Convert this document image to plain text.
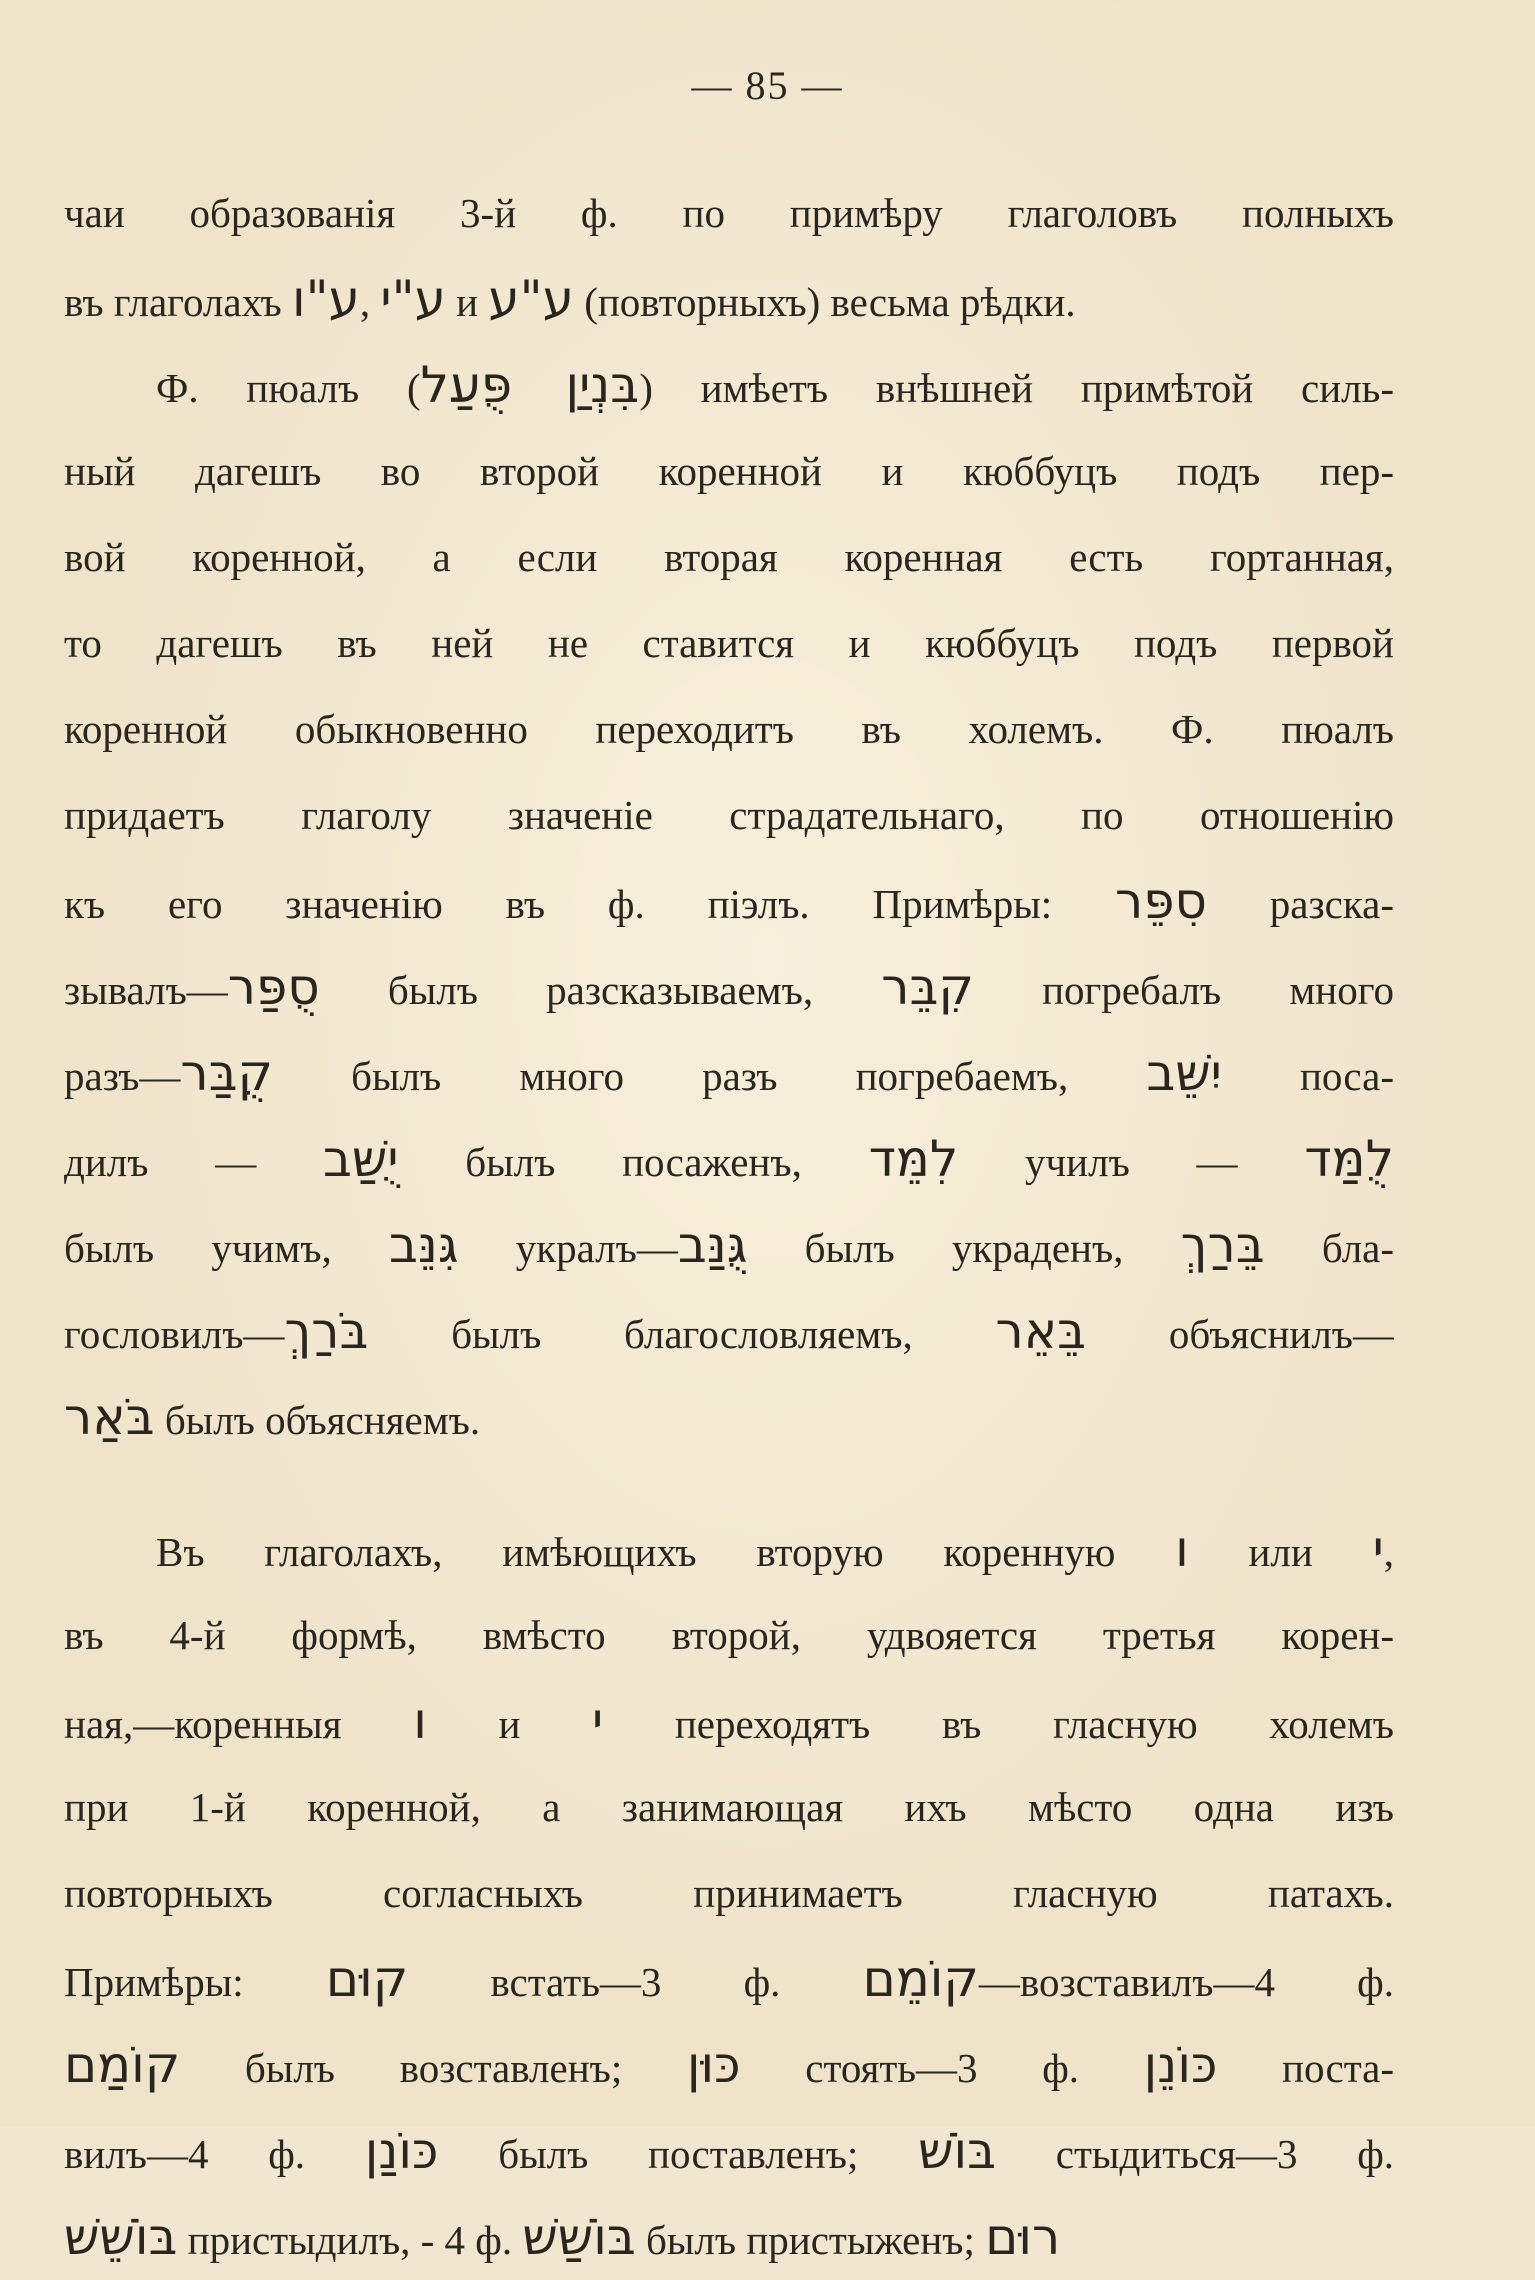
— 85 —
чаи образованія 3-й ф. по примѣру глаголовъ полныхъ
въ глаголахъ ע"ו, ע"י и ע"ע (повторныхъ) весьма рѣдки.
Ф. пюалъ (בִּנְיַן פֻּעַל) имѣетъ внѣшней примѣтой силь-
ный дагешъ во второй коренной и кюббуцъ подъ пер-
вой коренной, а если вторая коренная есть гортанная,
то дагешъ въ ней не ставится и кюббуцъ подъ первой
коренной обыкновенно переходитъ въ холемъ. Ф. пюалъ
придаетъ глаголу значеніе страдательнаго, по отношенію
къ его значенію въ ф. піэлъ. Примѣры: סִפֵּר разска-
зывалъ—סֻפַּר былъ разсказываемъ, קִבֵּר погребалъ много
разъ—קֻבַּר былъ много разъ погребаемъ, יִשֵּׁב поса-
дилъ — יֻשַּׁב былъ посаженъ, לִמֵּד училъ — לֻמַּד
былъ учимъ, גִּנֵּב укралъ—גֻּנַּב былъ украденъ, בֵּרַךְ бла-
гословилъ—בֹּרַךְ былъ благословляемъ, בֵּאֵר объяснилъ—
בֹּאַר былъ объясняемъ.
Въ глаголахъ, имѣющихъ вторую коренную ו или י,
въ 4-й формѣ, вмѣсто второй, удвояется третья корен-
ная,—коренныя ו и י переходятъ въ гласную холемъ
при 1-й коренной, а занимающая ихъ мѣсто одна изъ
повторныхъ согласныхъ принимаетъ гласную патахъ.
Примѣры: קוּם встать—3 ф. קוֹמֵם—возставилъ—4 ф.
קוֹמַם былъ возставленъ; כּוּן стоять—3 ф. כּוֹנֵן поста-
вилъ—4 ф. כּוֹנַן былъ поставленъ; בּוֹשׁ стыдиться—3 ф.
בּוֹשֵׁשׁ пристыдилъ, - 4 ф. בּוֹשַׁשׁ былъ пристыженъ; רוּם
